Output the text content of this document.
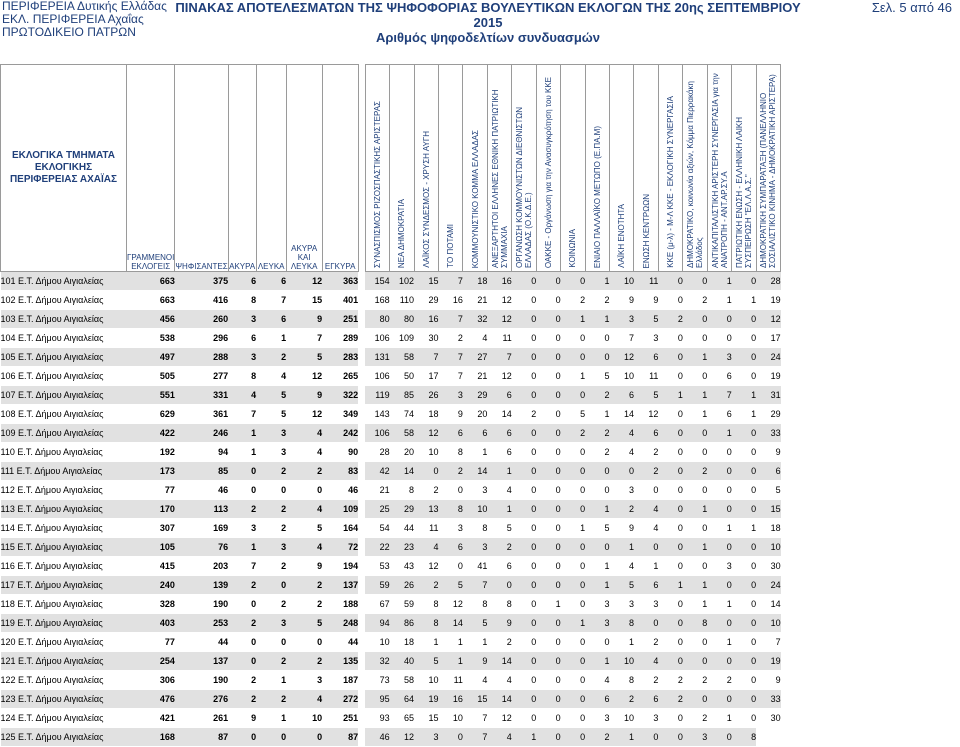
ΠΕΡΙΦΕΡΕΙΑ Δυτικής Ελλάδας
ΕΚΛ. ΠΕΡΙΦΕΡΕΙΑ Αχαΐας
ΠΡΩΤΟΔΙΚΕΙΟ ΠΑΤΡΩΝ
ΠΙΝΑΚΑΣ ΑΠΟΤΕΛΕΣΜΑΤΩΝ ΤΗΣ ΨΗΦΟΦΟΡΙΑΣ ΒΟΥΛΕΥΤΙΚΩΝ ΕΚΛΟΓΩΝ ΤΗΣ 20ης ΣΕΠΤΕΜΒΡΙΟΥ 2015
Αριθμός ψηφοδελτίων συνδυασμών
Σελ. 5 από 46
ΕΚΛΟΓΙΚΑ ΤΜΗΜΑΤΑ ΕΚΛΟΓΙΚΗΣ ΠΕΡΙΦΕΡΕΙΑΣ ΑΧΑΪΑΣ	ΓΡΑΜΜΕΝΟΙ ΕΚΛΟΓΕΙΣ	ΨΗΦΙΣΑΝΤΕΣ	ΑΚΥΡΑ	ΛΕΥΚΑ	ΑΚΥΡΑ ΚΑΙ ΛΕΥΚΑ	ΕΓΚΥΡΑ		ΣΥΝΑΣΠΙΣΜΟΣ ΡΙΖΟΣΠΑΣΤΙΚΗΣ ΑΡΙΣΤΕΡΑΣ	ΝΕΑ ΔΗΜΟΚΡΑΤΙΑ	ΛΑΪΚΟΣ ΣΥΝΔΕΣΜΟΣ - ΧΡΥΣΗ ΑΥΓΗ	ΤΟ ΠΟΤΑΜΙ	ΚΟΜΜΟΥΝΙΣΤΙΚΟ ΚΟΜΜΑ ΕΛΛΑΔΑΣ	ΑΝΕΞΑΡΤΗΤΟΙ ΕΛΛΗΝΕΣ ΕΘΝΙΚΗ ΠΑΤΡΙΩΤΙΚΗ ΣΥΜΜΑΧΙΑ	ΟΡΓΑΝΩΣΗ ΚΟΜΜΟΥΝΙΣΤΩΝ ΔΙΕΘΝΙΣΤΩΝ ΕΛΛΑΔΑΣ (Ο.Κ.Δ.Ε.)	ΟΑΚΚΕ - Οργάνωση για την Ανασυγκρότηση του ΚΚΕ	ΚΟΙΝΩΝΙΑ	ΕΝΙΑΙΟ ΠΑΛΛΑΪΚΟ ΜΕΤΩΠΟ (Ε.ΠΑ.Μ)	ΛΑΪΚΗ ΕΝΟΤΗΤΑ	ΕΝΩΣΗ ΚΕΝΤΡΩΩΝ	ΚΚΕ (μ-λ) - Μ-Λ ΚΚΕ - ΕΚΛΟΓΙΚΗ ΣΥΝΕΡΓΑΣΙΑ	ΔΗΜΟΚΡΑΤΙΚΟ, κοινωνία αξιών, Κόμμα Πιερρακάκη Ελλάδος	ΑΝΤΙΚΑΠΙΤΑΛΙΣΤΙΚΗ ΑΡΙΣΤΕΡΗ ΣΥΝΕΡΓΑΣΙΑ για την ΑΝΑΤΡΟΠΗ - ΑΝΤ.ΑΡ.ΣΥ.Α	ΠΑΤΡΙΩΤΙΚΗ ΕΝΩΣΗ - ΕΛΛΗΝΙΚΗ ΛΑΙΚΗ ΣΥΣΠΕΙΡΩΣΗ "ΕΛ.Λ.Α.Σ."	ΔΗΜΟΚΡΑΤΙΚΗ ΣΥΜΠΑΡΑΤΑΞΗ (ΠΑΝΕΛΛΗΝΙΟ ΣΟΣΙΑΛΙΣΤΙΚΟ ΚΙΝΗΜΑ - ΔΗΜΟΚΡΑΤΙΚΗ ΑΡΙΣΤΕΡΑ)

101 Ε.Τ. Δήμου Αιγιαλείας	663	375	6	6	12	363		154	102	15	7	18	16	0	0	0	1	10	11	0	0	1	0	28
102 Ε.Τ. Δήμου Αιγιαλείας	663	416	8	7	15	401		168	110	29	16	21	12	0	0	2	2	9	9	0	2	1	1	19
103 Ε.Τ. Δήμου Αιγιαλείας	456	260	3	6	9	251		80	80	16	7	32	12	0	0	1	1	3	5	2	0	0	0	12
104 Ε.Τ. Δήμου Αιγιαλείας	538	296	6	1	7	289		106	109	30	2	4	11	0	0	0	0	7	3	0	0	0	0	17
105 Ε.Τ. Δήμου Αιγιαλείας	497	288	3	2	5	283		131	58	7	7	27	7	0	0	0	0	12	6	0	1	3	0	24
106 Ε.Τ. Δήμου Αιγιαλείας	505	277	8	4	12	265		106	50	17	7	21	12	0	0	1	5	10	11	0	0	6	0	19
107 Ε.Τ. Δήμου Αιγιαλείας	551	331	4	5	9	322		119	85	26	3	29	6	0	0	0	2	6	5	1	1	7	1	31
108 Ε.Τ. Δήμου Αιγιαλείας	629	361	7	5	12	349		143	74	18	9	20	14	2	0	5	1	14	12	0	1	6	1	29
109 Ε.Τ. Δήμου Αιγιαλείας	422	246	1	3	4	242		106	58	12	6	6	6	0	0	2	2	4	6	0	0	1	0	33
110 Ε.Τ. Δήμου Αιγιαλείας	192	94	1	3	4	90		28	20	10	8	1	6	0	0	0	2	4	2	0	0	0	0	9
111 Ε.Τ. Δήμου Αιγιαλείας	173	85	0	2	2	83		42	14	0	2	14	1	0	0	0	0	0	2	0	2	0	0	6
112 Ε.Τ. Δήμου Αιγιαλείας	77	46	0	0	0	46		21	8	2	0	3	4	0	0	0	0	3	0	0	0	0	0	5
113 Ε.Τ. Δήμου Αιγιαλείας	170	113	2	2	4	109		25	29	13	8	10	1	0	0	0	1	2	4	0	1	0	0	15
114 Ε.Τ. Δήμου Αιγιαλείας	307	169	3	2	5	164		54	44	11	3	8	5	0	0	1	5	9	4	0	0	1	1	18
115 Ε.Τ. Δήμου Αιγιαλείας	105	76	1	3	4	72		22	23	4	6	3	2	0	0	0	0	1	0	0	1	0	0	10
116 Ε.Τ. Δήμου Αιγιαλείας	415	203	7	2	9	194		53	43	12	0	41	6	0	0	0	1	4	1	0	0	3	0	30
117 Ε.Τ. Δήμου Αιγιαλείας	240	139	2	0	2	137		59	26	2	5	7	0	0	0	0	1	5	6	1	1	0	0	24
118 Ε.Τ. Δήμου Αιγιαλείας	328	190	0	2	2	188		67	59	8	12	8	8	0	1	0	3	3	3	0	1	1	0	14
119 Ε.Τ. Δήμου Αιγιαλείας	403	253	2	3	5	248		94	86	8	14	5	9	0	0	1	3	8	0	0	8	0	0	10
120 Ε.Τ. Δήμου Αιγιαλείας	77	44	0	0	0	44		10	18	1	1	1	2	0	0	0	0	1	2	0	0	1	0	7
121 Ε.Τ. Δήμου Αιγιαλείας	254	137	0	2	2	135		32	40	5	1	9	14	0	0	0	1	10	4	0	0	0	0	19
122 Ε.Τ. Δήμου Αιγιαλείας	306	190	2	1	3	187		73	58	10	11	4	4	0	0	0	4	8	2	2	2	2	0	9
123 Ε.Τ. Δήμου Αιγιαλείας	476	276	2	2	4	272		95	64	19	16	15	14	0	0	0	6	2	6	2	0	0	0	33
124 Ε.Τ. Δήμου Αιγιαλείας	421	261	9	1	10	251		93	65	15	10	7	12	0	0	0	3	10	3	0	2	1	0	30
125 Ε.Τ. Δήμου Αιγιαλείας	168	87	0	0	0	87		46	12	3	0	7	4	1	0	0	2	1	0	0	3	0	8	
